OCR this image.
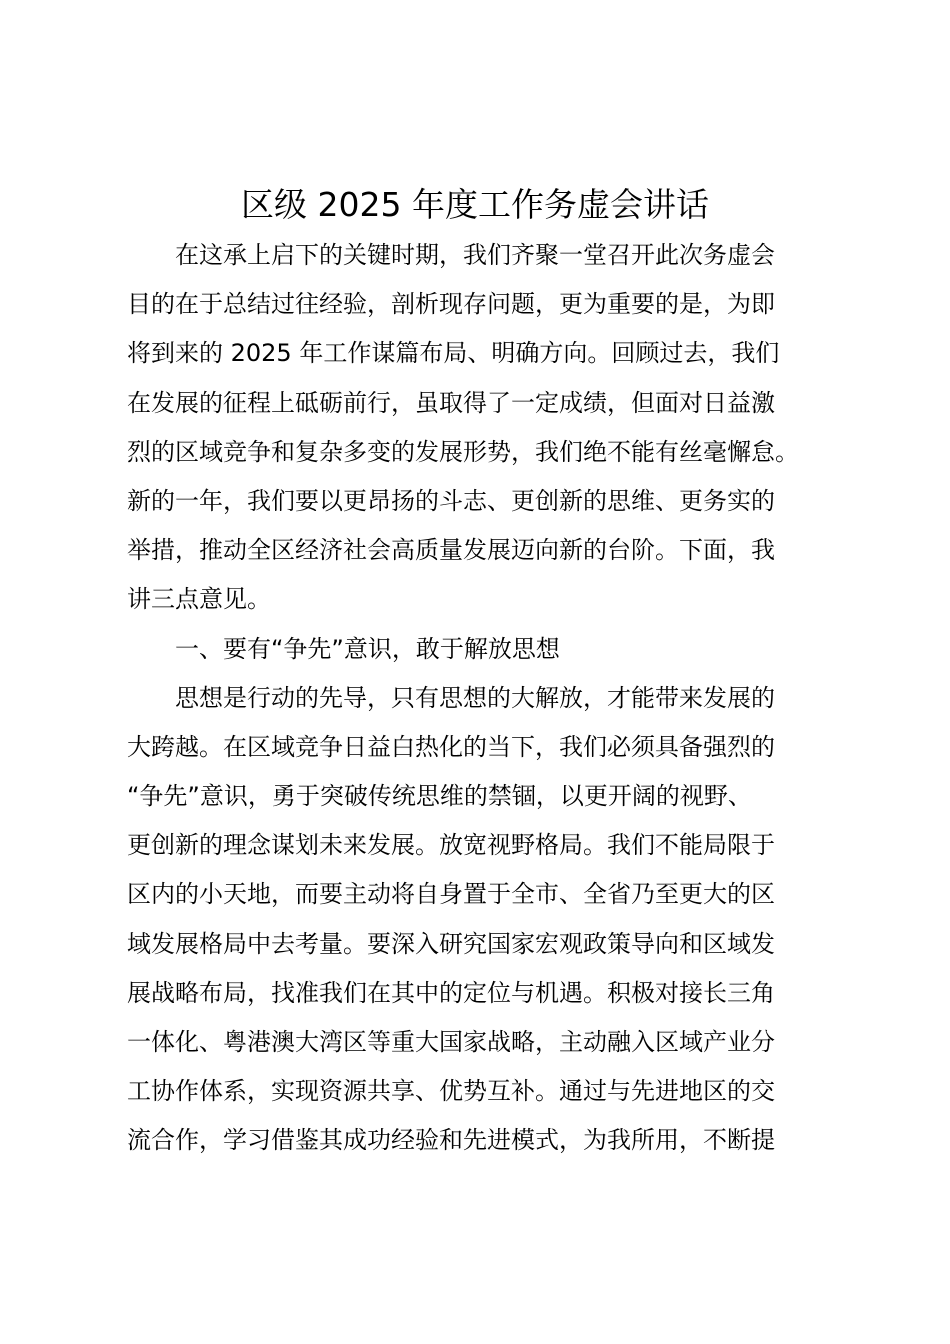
区级 2025 年度工作务虚会讲话
在这承上启下的关键时期，我们齐聚一堂召开此次务虚会
目的在于总结过往经验，剖析现存问题，更为重要的是，为即
将到来的 2025 年工作谋篇布局、明确方向。回顾过去，我们
在发展的征程上砥砺前行，虽取得了一定成绩，但面对日益激
烈的区域竞争和复杂多变的发展形势，我们绝不能有丝毫懈怠。
新的一年，我们要以更昂扬的斗志、更创新的思维、更务实的
举措，推动全区经济社会高质量发展迈向新的台阶。下面，我
讲三点意见。
一、要有“争先”意识，敢于解放思想
思想是行动的先导，只有思想的大解放，才能带来发展的
大跨越。在区域竞争日益白热化的当下，我们必须具备强烈的
“争先”意识，勇于突破传统思维的禁锢，以更开阔的视野、
更创新的理念谋划未来发展。放宽视野格局。我们不能局限于
区内的小天地，而要主动将自身置于全市、全省乃至更大的区
域发展格局中去考量。要深入研究国家宏观政策导向和区域发
展战略布局，找准我们在其中的定位与机遇。积极对接长三角
一体化、粤港澳大湾区等重大国家战略，主动融入区域产业分
工协作体系，实现资源共享、优势互补。通过与先进地区的交
流合作，学习借鉴其成功经验和先进模式，为我所用，不断提
